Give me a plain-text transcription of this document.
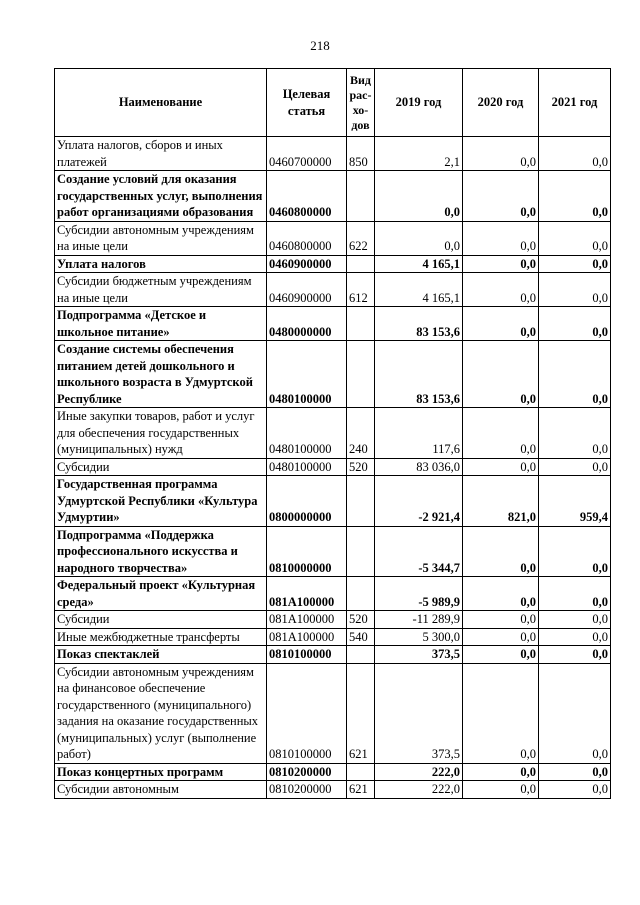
218
Наименование	Целевая статья	Вид рас-хо-дов	2019 год	2020 год	2021 год
Уплата налогов, сборов и иных платежей	0460700000	850	2,1	0,0	0,0
Создание условий для оказания государственных услуг, выполнения работ организациями образования	0460800000		0,0	0,0	0,0
Субсидии автономным учреждениям на иные цели	0460800000	622	0,0	0,0	0,0
Уплата налогов	0460900000		4 165,1	0,0	0,0
Субсидии бюджетным учреждениям на иные цели	0460900000	612	4 165,1	0,0	0,0
Подпрограмма «Детское и школьное питание»	0480000000		83 153,6	0,0	0,0
Создание системы обеспечения питанием детей дошкольного и школьного возраста в Удмуртской Республике	0480100000		83 153,6	0,0	0,0
Иные закупки товаров, работ и услуг для обеспечения государственных (муниципальных) нужд	0480100000	240	117,6	0,0	0,0
Субсидии	0480100000	520	83 036,0	0,0	0,0
Государственная программа Удмуртской Республики «Культура Удмуртии»	0800000000		-2 921,4	821,0	959,4
Подпрограмма «Поддержка профессионального искусства и народного творчества»	0810000000		-5 344,7	0,0	0,0
Федеральный проект «Культурная среда»	081A100000		-5 989,9	0,0	0,0
Субсидии	081A100000	520	-11 289,9	0,0	0,0
Иные межбюджетные трансферты	081A100000	540	5 300,0	0,0	0,0
Показ спектаклей	0810100000		373,5	0,0	0,0
Субсидии автономным учреждениям на финансовое обеспечение государственного (муниципального) задания на оказание государственных (муниципальных) услуг (выполнение работ)	0810100000	621	373,5	0,0	0,0
Показ концертных программ	0810200000		222,0	0,0	0,0
Субсидии автономным	0810200000	621	222,0	0,0	0,0
